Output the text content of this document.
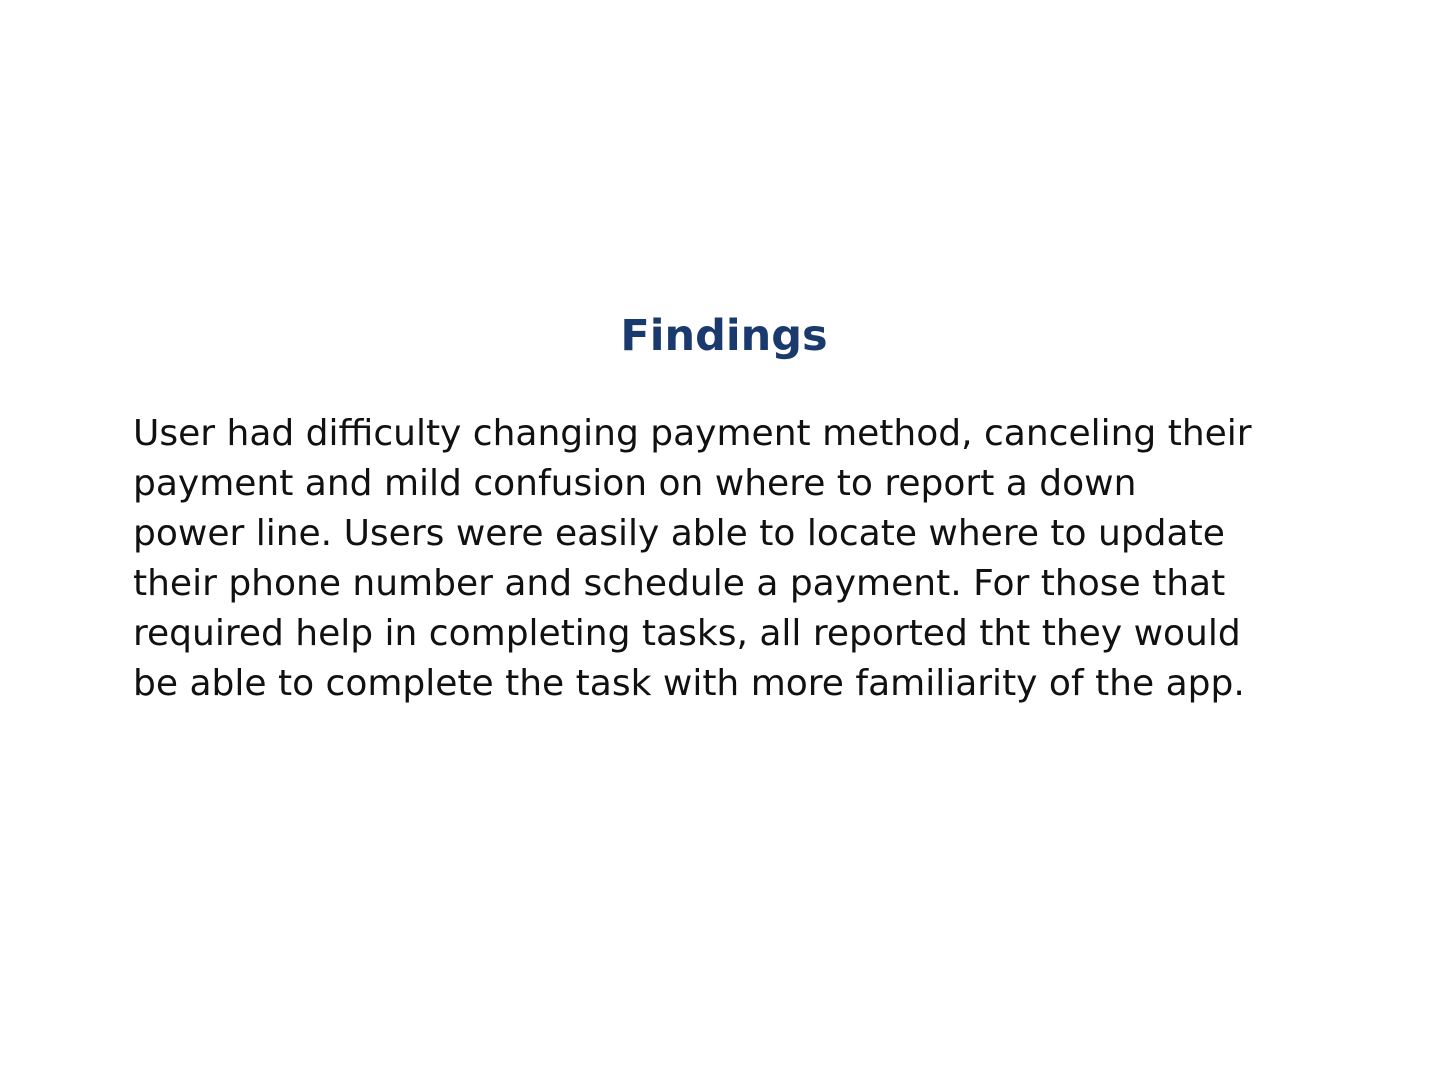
Findings

User had difficulty changing payment method, canceling their
payment and mild confusion on where to report a down
power line. Users were easily able to locate where to update
their phone number and schedule a payment. For those that
required help in completing tasks, all reported tht they would
be able to complete the task with more familiarity of the app.
